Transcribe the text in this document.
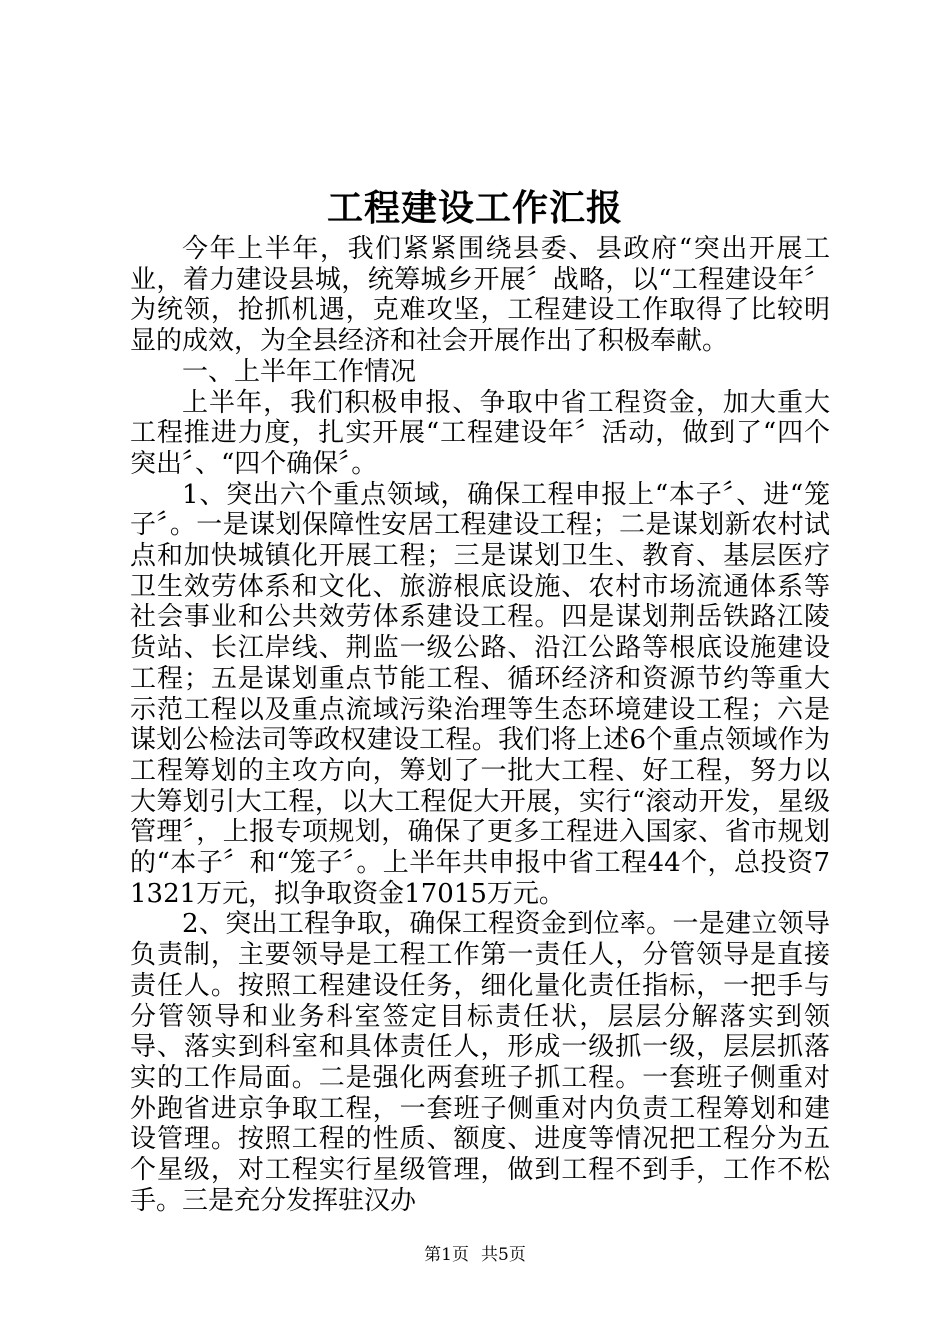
工程建设工作汇报

今年上半年，我们紧紧围绕县委、县政府“突出开展工业，着力建设县城，统筹城乡开展〞战略，以“工程建设年〞为统领，抢抓机遇，克难攻坚，工程建设工作取得了比较明显的成效，为全县经济和社会开展作出了积极奉献。

一、上半年工作情况

上半年，我们积极申报、争取中省工程资金，加大重大工程推进力度，扎实开展“工程建设年〞活动，做到了“四个突出〞、“四个确保〞。

1、突出六个重点领域，确保工程申报上“本子〞、进“笼子〞。一是谋划保障性安居工程建设工程；二是谋划新农村试点和加快城镇化开展工程；三是谋划卫生、教育、基层医疗卫生效劳体系和文化、旅游根底设施、农村市场流通体系等社会事业和公共效劳体系建设工程。四是谋划荆岳铁路江陵货站、长江岸线、荆监一级公路、沿江公路等根底设施建设工程；五是谋划重点节能工程、循环经济和资源节约等重大示范工程以及重点流域污染治理等生态环境建设工程；六是谋划公检法司等政权建设工程。我们将上述6个重点领域作为工程筹划的主攻方向，筹划了一批大工程、好工程，努力以大筹划引大工程，以大工程促大开展，实行“滚动开发，星级管理〞，上报专项规划，确保了更多工程进入国家、省市规划的“本子〞和“笼子〞。上半年共申报中省工程44个，总投资71321万元，拟争取资金17015万元。

2、突出工程争取，确保工程资金到位率。一是建立领导负责制，主要领导是工程工作第一责任人，分管领导是直接责任人。按照工程建设任务，细化量化责任指标，一把手与分管领导和业务科室签定目标责任状，层层分解落实到领导、落实到科室和具体责任人，形成一级抓一级，层层抓落实的工作局面。二是强化两套班子抓工程。一套班子侧重对外跑省进京争取工程，一套班子侧重对内负责工程筹划和建设管理。按照工程的性质、额度、进度等情况把工程分为五个星级，对工程实行星级管理，做到工程不到手，工作不松手。三是充分发挥驻汉办

第1页 共5页
